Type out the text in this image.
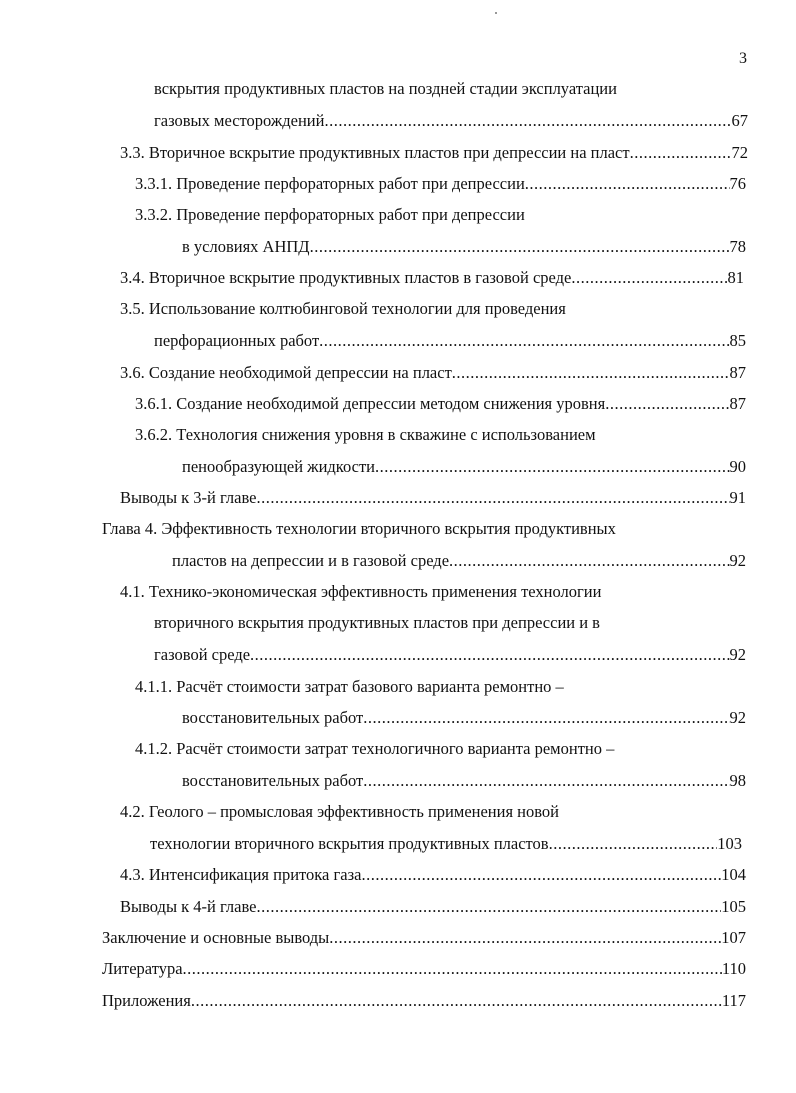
3
вскрытия продуктивных пластов на поздней стадии эксплуатации
газовых месторождений .....	67
3.3. Вторичное вскрытие продуктивных пластов при депрессии на пласт .....	72
3.3.1. Проведение перфораторных работ при депрессии .....	76
3.3.2. Проведение перфораторных работ при депрессии
в условиях АНПД .....	78
3.4. Вторичное вскрытие продуктивных пластов в газовой среде .....	81
3.5. Использование колтюбинговой технологии для проведения
перфорационных работ .....	85
3.6. Создание необходимой депрессии на пласт .....	87
3.6.1. Создание необходимой депрессии методом снижения уровня .....	87
3.6.2. Технология снижения уровня в скважине с использованием
пенообразующей жидкости .....	90
Выводы к 3-й главе .....	91
Глава 4. Эффективность технологии вторичного вскрытия продуктивных
пластов на депрессии и в газовой среде .....	92
4.1. Технико-экономическая эффективность применения технологии
вторичного вскрытия продуктивных пластов при депрессии и в
газовой среде .....	92
4.1.1. Расчёт стоимости затрат базового варианта ремонтно –
восстановительных работ .....	92
4.1.2. Расчёт стоимости затрат технологичного варианта ремонтно –
восстановительных работ .....	98
4.2. Геолого – промысловая эффективность применения новой
технологии вторичного вскрытия продуктивных пластов .....	103
4.3. Интенсификация притока газа .....	104
Выводы к 4-й главе .....	105
Заключение и основные выводы .....	107
Литература .....	110
Приложения .....	117
